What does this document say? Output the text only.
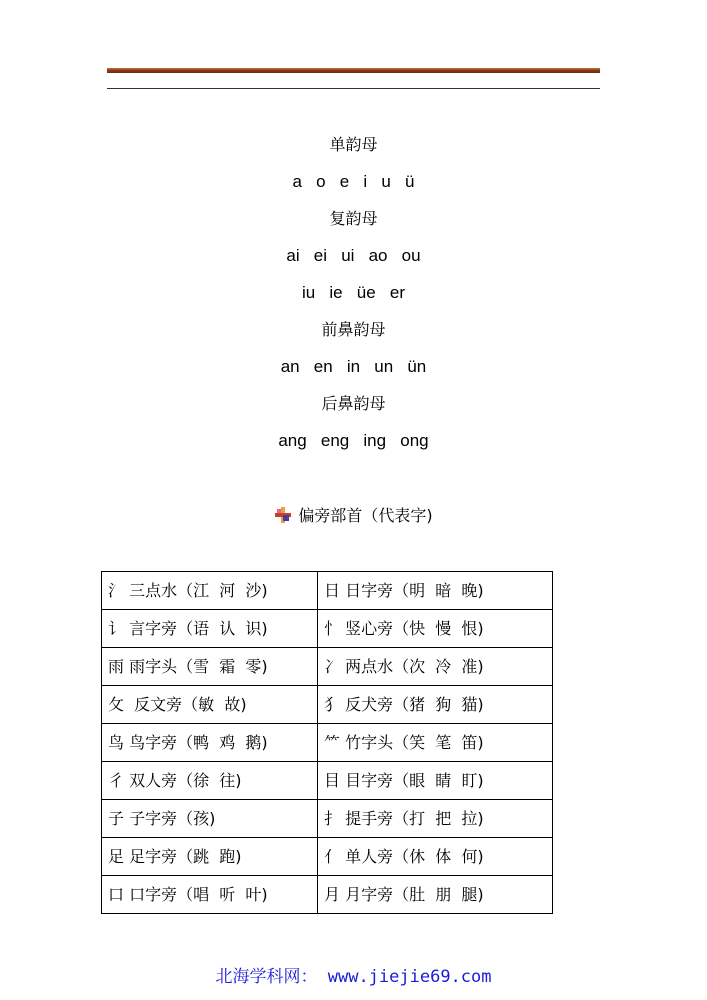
单韵母
a   o   e   i   u   ü
复韵母
ai   ei   ui   ao   ou
iu   ie   üe   er
前鼻韵母
an   en   in   un   ün
后鼻韵母
ang   eng   ing   ong
偏旁部首（代表字)
氵 三点水（江  河  沙)	日 日字旁（明  暗  晚)
讠 言字旁（语  认  识)	忄 竖心旁（快  慢  恨)
雨 雨字头（雪  霜  零)	冫 两点水（次  冷  准)
攵  反文旁（敏  故)	犭 反犬旁（猪  狗  猫)
鸟 鸟字旁（鸭  鸡  鹅)	⺮ 竹字头（笑  笔  笛)
彳 双人旁（徐  往)	目 目字旁（眼  睛  盯)
子 子字旁（孩)	扌 提手旁（打  把  拉)
足 足字旁（跳  跑)	亻 单人旁（休  体  何)
口 口字旁（唱  听  叶)	月 月字旁（肚  朋  腿)
北海学科网： www.jiejie69.com
